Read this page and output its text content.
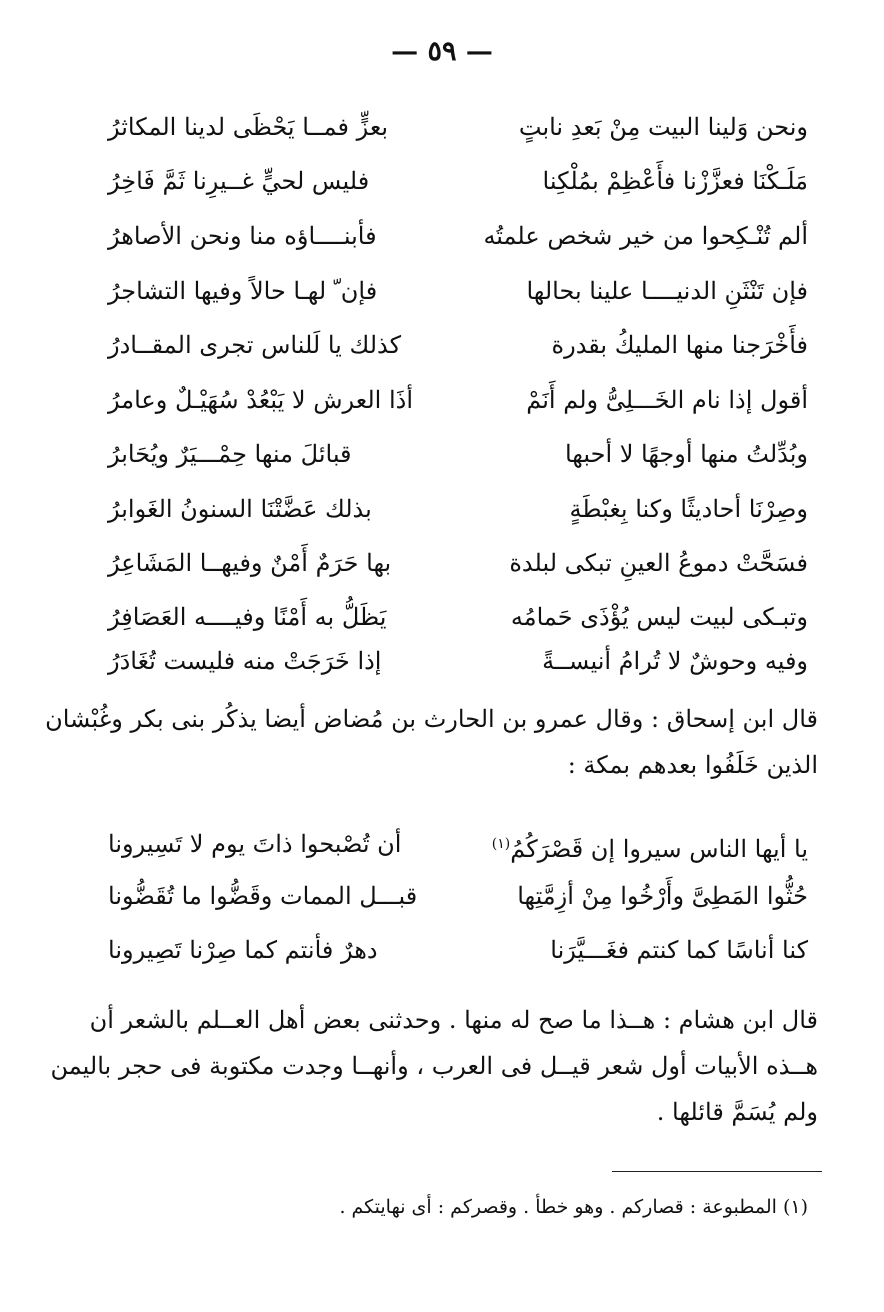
— ٥٩ —
ونحن وَلينا البيت مِنْ بَعدِ نابتٍ
بعزٍّ فمــا يَحْظَى لدينا المكاثرُ
مَلَـكْنَا فعزَّزْنا فأَعْظِمْ بمُلْكِنا
فليس لحيٍّ غــيرِنا ثَمَّ فَاخِرُ
ألم تُنْـكِحوا من خير شخص علمتُه
فأبنــــاؤه منا ونحن الأصاهرُ
فإن تَنْثَنِ الدنيــــا علينا بحالها
فإن ّ لهـا حالاً وفيها التشاجرُ
فأَخْرَجنا منها المليكُ بقدرة
كذلك يا لَلناس تجرى المقــادرُ
أقول إذا نام الخَـــلِىُّ ولم أَنَمْ
أذَا العرش لا يَبْعُدْ سُهَيْـلٌ وعامرُ
وبُدِّلتُ منها أوجهًا لا أحبها
قبائلَ منها حِمْـــيَرٌ ويُحَابرُ
وصِرْنَا أحاديثًا وكنا بِغبْطَةٍ
بذلك عَضَّتْنَا السنونُ الغَوابرُ
فسَحَّتْ دموعُ العينِ تبكى لبلدة
بها حَرَمٌ أَمْنٌ وفيهــا المَشَاعِرُ
وتبـكى لبيت ليس يُؤْذَى حَمامُه
يَظَلُّ به أَمْنًا وفيــــه العَصَافِرُ
وفيه وحوشٌ لا تُرامُ أنيســةً
إذا خَرَجَتْ منه فليست تُغَادَرُ
قال ابن إسحاق : وقال عمرو بن الحارث بن مُضاض أيضا يذكُر بنى بكر وغُبْشان
الذين خَلَفُوا بعدهم بمكة :
يا أيها الناس سيروا إن قَصْرَكُمُ$^{(١)}$
أن تُصْبحوا ذاتَ يوم لا تَسِيرونا
حُثُّوا المَطِىَّ وأَرْخُوا مِنْ أزِمَّتِها
قبـــل الممات وقَضُّوا ما تُقَضُّونا
كنا أناسًا كما كنتم فغَـــيَّرَنا
دهرٌ فأنتم كما صِرْنا تَصِيرونا
قال ابن هشام : هــذا ما صح له منها . وحدثنى بعض أهل العــلم بالشعر أن
هــذه الأبيات أول شعر قيــل فى العرب ، وأنهــا وجدت مكتوبة فى حجر باليمن
ولم يُسَمَّ قائلها .
(١) المطبوعة : قصاركم . وهو خطأ . وقصركم : أى نهايتكم .
